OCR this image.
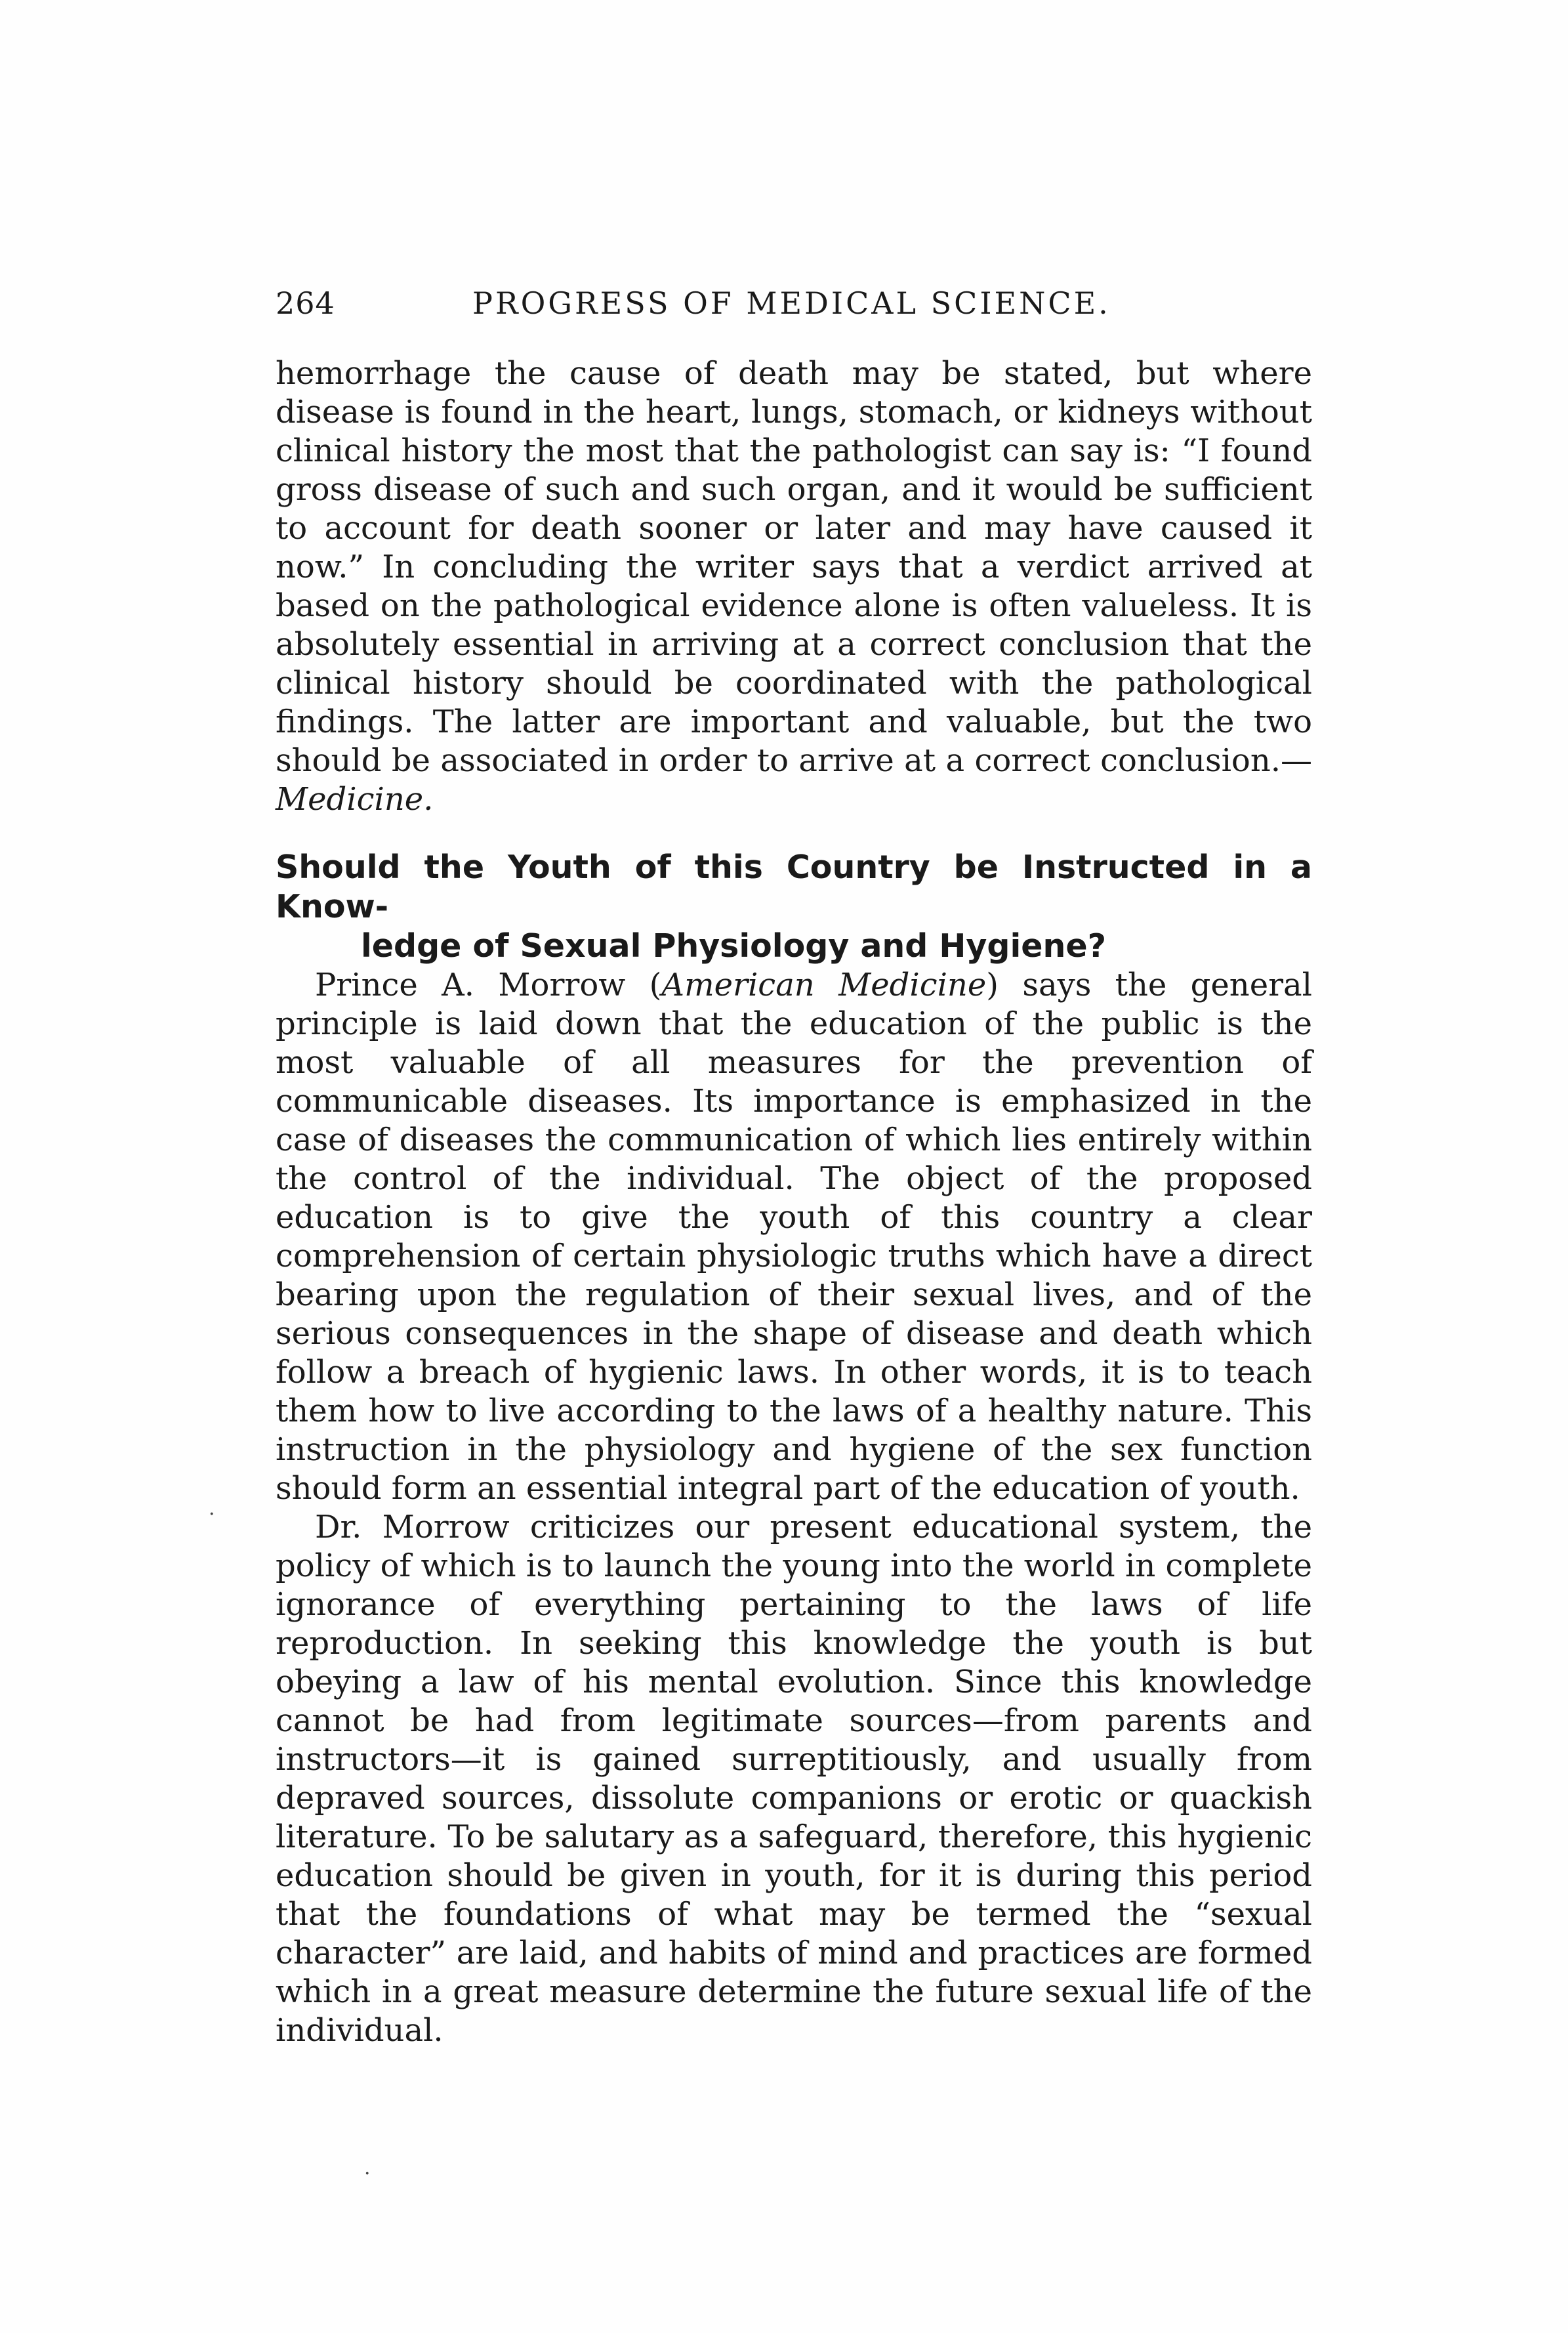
264	PROGRESS OF MEDICAL SCIENCE.

hemorrhage the cause of death may be stated, but where disease is found in the heart, lungs, stomach, or kidneys without clinical history the most that the pathologist can say is: “I found gross disease of such and such organ, and it would be sufficient to account for death sooner or later and may have caused it now.” In concluding the writer says that a verdict arrived at based on the pathological evidence alone is often valueless. It is absolutely essential in arriving at a correct conclusion that the clinical history should be coordinated with the pathological findings. The latter are important and valuable, but the two should be associated in order to arrive at a correct conclusion.—Medicine.

Should the Youth of this Country be Instructed in a Know-
ledge of Sexual Physiology and Hygiene?

Prince A. Morrow (American Medicine) says the general principle is laid down that the education of the public is the most valuable of all measures for the prevention of communicable diseases. Its importance is emphasized in the case of diseases the communication of which lies entirely within the control of the individual. The object of the proposed education is to give the youth of this country a clear comprehension of certain physiologic truths which have a direct bearing upon the regulation of their sexual lives, and of the serious consequences in the shape of disease and death which follow a breach of hygienic laws. In other words, it is to teach them how to live according to the laws of a healthy nature. This instruction in the physiology and hygiene of the sex function should form an essential integral part of the education of youth.

Dr. Morrow criticizes our present educational system, the policy of which is to launch the young into the world in complete ignorance of everything pertaining to the laws of life reproduction. In seeking this knowledge the youth is but obeying a law of his mental evolution. Since this knowledge cannot be had from legitimate sources—from parents and instructors—it is gained surreptitiously, and usually from depraved sources, dissolute companions or erotic or quackish literature. To be salutary as a safeguard, therefore, this hygienic education should be given in youth, for it is during this period that the foundations of what may be termed the “sexual character” are laid, and habits of mind and practices are formed which in a great measure determine the future sexual life of the individual.

·
·
